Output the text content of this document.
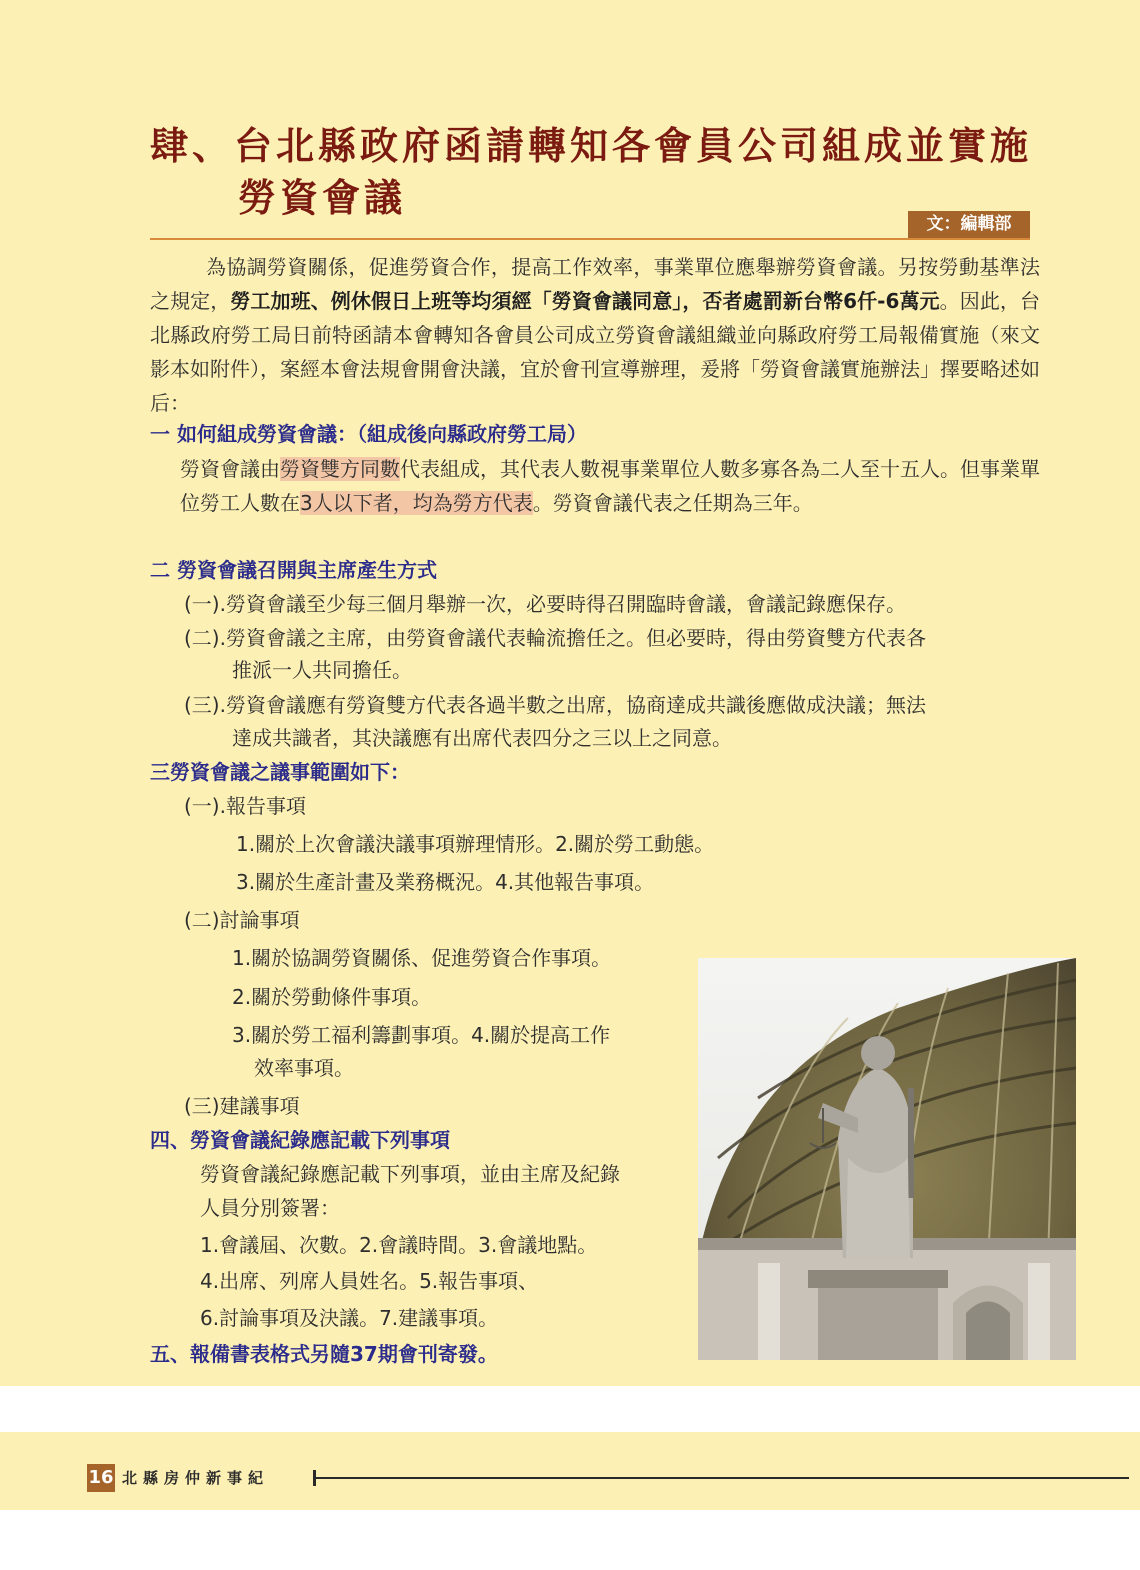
肆、台北縣政府函請轉知各會員公司組成並實施
勞資會議
文：編輯部
為協調勞資關係，促進勞資合作，提高工作效率，事業單位應舉辦勞資會議。另按勞動基準法之規定，勞工加班、例休假日上班等均須經「勞資會議同意」，否者處罰新台幣6仟-6萬元。因此，台北縣政府勞工局日前特函請本會轉知各會員公司成立勞資會議組織並向縣政府勞工局報備實施（來文影本如附件），案經本會法規會開會決議，宜於會刊宣導辦理，爰將「勞資會議實施辦法」擇要略述如后：
一 如何組成勞資會議：（組成後向縣政府勞工局）
勞資會議由勞資雙方同數代表組成，其代表人數視事業單位人數多寡各為二人至十五人。但事業單位勞工人數在3人以下者，均為勞方代表。勞資會議代表之任期為三年。
二 勞資會議召開與主席產生方式
(一).勞資會議至少每三個月舉辦一次，必要時得召開臨時會議，會議記錄應保存。
(二).勞資會議之主席，由勞資會議代表輪流擔任之。但必要時，得由勞資雙方代表各
推派一人共同擔任。
(三).勞資會議應有勞資雙方代表各過半數之出席，協商達成共識後應做成決議；無法
達成共識者，其決議應有出席代表四分之三以上之同意。
三勞資會議之議事範圍如下：
(一).報告事項
1.關於上次會議決議事項辦理情形。2.關於勞工動態。
3.關於生產計畫及業務概況。4.其他報告事項。
(二)討論事項
1.關於協調勞資關係、促進勞資合作事項。
2.關於勞動條件事項。
3.關於勞工福利籌劃事項。4.關於提高工作
效率事項。
(三)建議事項
四、勞資會議紀錄應記載下列事項
勞資會議紀錄應記載下列事項，並由主席及紀錄
人員分別簽署：
1.會議屆、次數。2.會議時間。3.會議地點。
4.出席、列席人員姓名。5.報告事項、
6.討論事項及決議。7.建議事項。
五、報備書表格式另隨37期會刊寄發。
16 北縣房仲新事紀
